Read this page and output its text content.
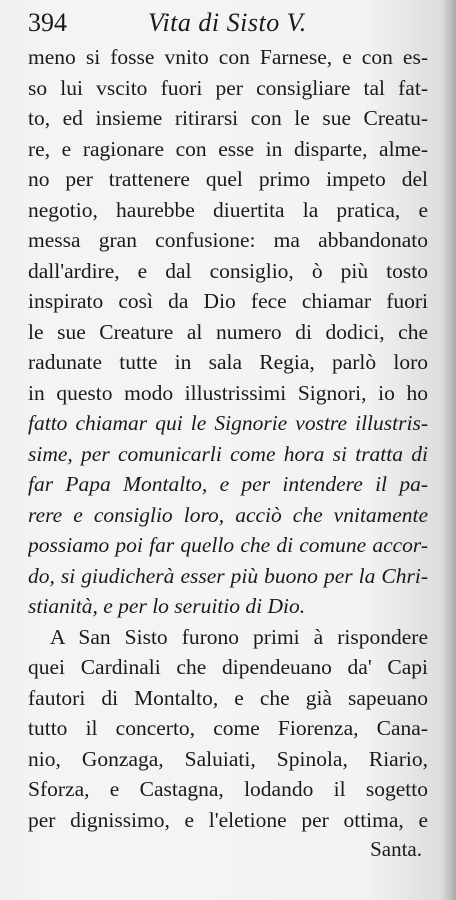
394	Vita di Sisto V.
meno si fosse vnito con Farnese, e con es-
so lui vscito fuori per consigliare tal fat-
to, ed insieme ritirarsi con le sue Creatu-
re, e ragionare con esse in disparte, alme-
no per trattenere quel primo impeto del
negotio, haurebbe diuertita la pratica, e
messa gran confusione: ma abbandonato
dall'ardire, e dal consiglio, ò più tosto
inspirato così da Dio fece chiamar fuori
le sue Creature al numero di dodici, che
radunate tutte in sala Regia, parlò loro
in questo modo illustrissimi Signori, io ho
fatto chiamar qui le Signorie vostre illustris-
sime, per comunicarli come hora si tratta di
far Papa Montalto, e per intendere il pa-
rere e consiglio loro, acciò che vnitamente
possiamo poi far quello che di comune accor-
do, si giudicherà esser più buono per la Chri-
stianità, e per lo seruitio di Dio.
A San Sisto furono primi à rispondere
quei Cardinali che dipendeuano da' Capi
fautori di Montalto, e che già sapeuano
tutto il concerto, come Fiorenza, Cana-
nio, Gonzaga, Saluiati, Spinola, Riario,
Sforza, e Castagna, lodando il sogetto
per dignissimo, e l'eletione per ottima, e
Santa.
